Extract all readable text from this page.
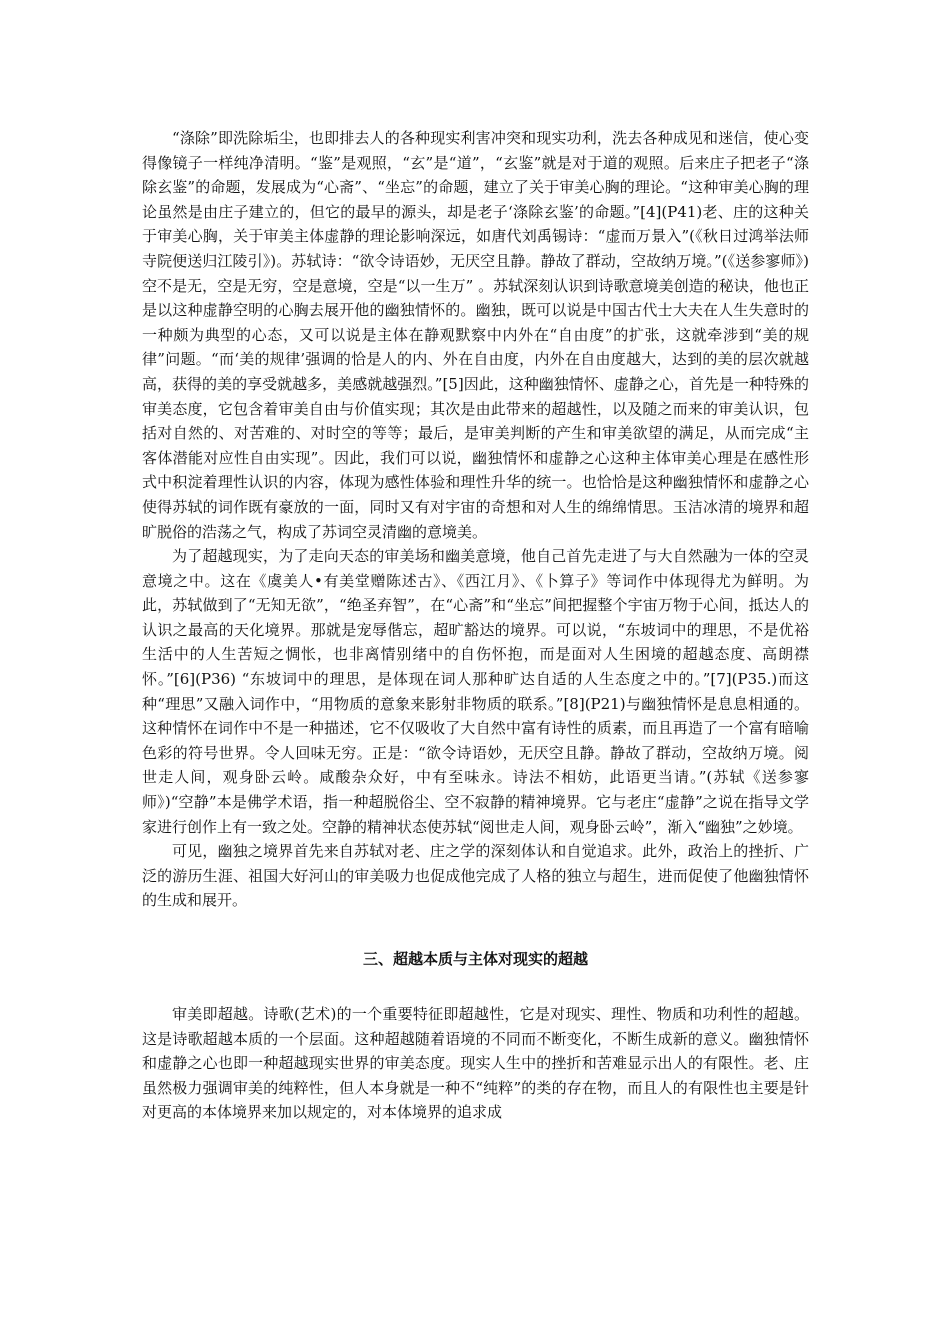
“涤除”即洗除垢尘，也即排去人的各种现实利害冲突和现实功利，洗去各种成见和迷信，使心变得像镜子一样纯净清明。“鉴”是观照，“玄”是“道”，“玄鉴”就是对于道的观照。后来庄子把老子“涤除玄鉴”的命题，发展成为“心斋”、“坐忘”的命题，建立了关于审美心胸的理论。“这种审美心胸的理论虽然是由庄子建立的，但它的最早的源头，却是老子‘涤除玄鉴’的命题。”[4](P41)老、庄的这种关于审美心胸，关于审美主体虚静的理论影响深远，如唐代刘禹锡诗：“虚而万景入”(《秋日过鸿举法师寺院便送归江陵引》)。苏轼诗：“欲令诗语妙，无厌空且静。静故了群动，空故纳万境。”(《送参寥师》)空不是无，空是无穷，空是意境，空是“以一生万” 。苏轼深刻认识到诗歌意境美创造的秘诀，他也正是以这种虚静空明的心胸去展开他的幽独情怀的。幽独，既可以说是中国古代士大夫在人生失意时的一种颇为典型的心态，又可以说是主体在静观默察中内外在“自由度”的扩张，这就牵涉到“美的规律”问题。“而‘美的规律’强调的恰是人的内、外在自由度，内外在自由度越大，达到的美的层次就越高，获得的美的享受就越多，美感就越强烈。”[5]因此，这种幽独情怀、虚静之心，首先是一种特殊的审美态度，它包含着审美自由与价值实现；其次是由此带来的超越性，以及随之而来的审美认识，包括对自然的、对苦难的、对时空的等等；最后，是审美判断的产生和审美欲望的满足，从而完成“主客体潜能对应性自由实现”。因此，我们可以说，幽独情怀和虚静之心这种主体审美心理是在感性形式中积淀着理性认识的内容，体现为感性体验和理性升华的统一。也恰恰是这种幽独情怀和虚静之心使得苏轼的词作既有豪放的一面，同时又有对宇宙的奇想和对人生的绵绵情思。玉洁冰清的境界和超旷脱俗的浩荡之气，构成了苏词空灵清幽的意境美。

为了超越现实，为了走向天态的审美场和幽美意境，他自己首先走进了与大自然融为一体的空灵意境之中。这在《虞美人•有美堂赠陈述古》、《西江月》、《卜算子》等词作中体现得尤为鲜明。为此，苏轼做到了“无知无欲”，“绝圣弃智”，在“心斋”和“坐忘”间把握整个宇宙万物于心间，抵达人的认识之最高的天化境界。那就是宠辱偕忘，超旷豁达的境界。可以说，“东坡词中的理思，不是优裕生活中的人生苦短之惆怅，也非离情别绪中的自伤怀抱，而是面对人生困境的超越态度、高朗襟怀。”[6](P36) “东坡词中的理思，是体现在词人那种旷达自适的人生态度之中的。”[7](P35.)而这种“理思”又融入词作中，“用物质的意象来影射非物质的联系。”[8](P21)与幽独情怀是息息相通的。这种情怀在词作中不是一种描述，它不仅吸收了大自然中富有诗性的质素，而且再造了一个富有暗喻色彩的符号世界。令人回味无穷。正是：“欲令诗语妙，无厌空且静。静故了群动，空故纳万境。阅世走人间，观身卧云岭。咸酸杂众好，中有至味永。诗法不相妨，此语更当请。”(苏轼《送参寥师》)“空静”本是佛学术语，指一种超脱俗尘、空不寂静的精神境界。它与老庄“虚静”之说在指导文学家进行创作上有一致之处。空静的精神状态使苏轼“阅世走人间，观身卧云岭”，渐入“幽独”之妙境。

可见，幽独之境界首先来自苏轼对老、庄之学的深刻体认和自觉追求。此外，政治上的挫折、广泛的游历生涯、祖国大好河山的审美吸力也促成他完成了人格的独立与超生，进而促使了他幽独情怀的生成和展开。

三、超越本质与主体对现实的超越

审美即超越。诗歌(艺术)的一个重要特征即超越性，它是对现实、理性、物质和功利性的超越。这是诗歌超越本质的一个层面。这种超越随着语境的不同而不断变化，不断生成新的意义。幽独情怀和虚静之心也即一种超越现实世界的审美态度。现实人生中的挫折和苦难显示出人的有限性。老、庄虽然极力强调审美的纯粹性，但人本身就是一种不“纯粹”的类的存在物，而且人的有限性也主要是针对更高的本体境界来加以规定的，对本体境界的追求成
